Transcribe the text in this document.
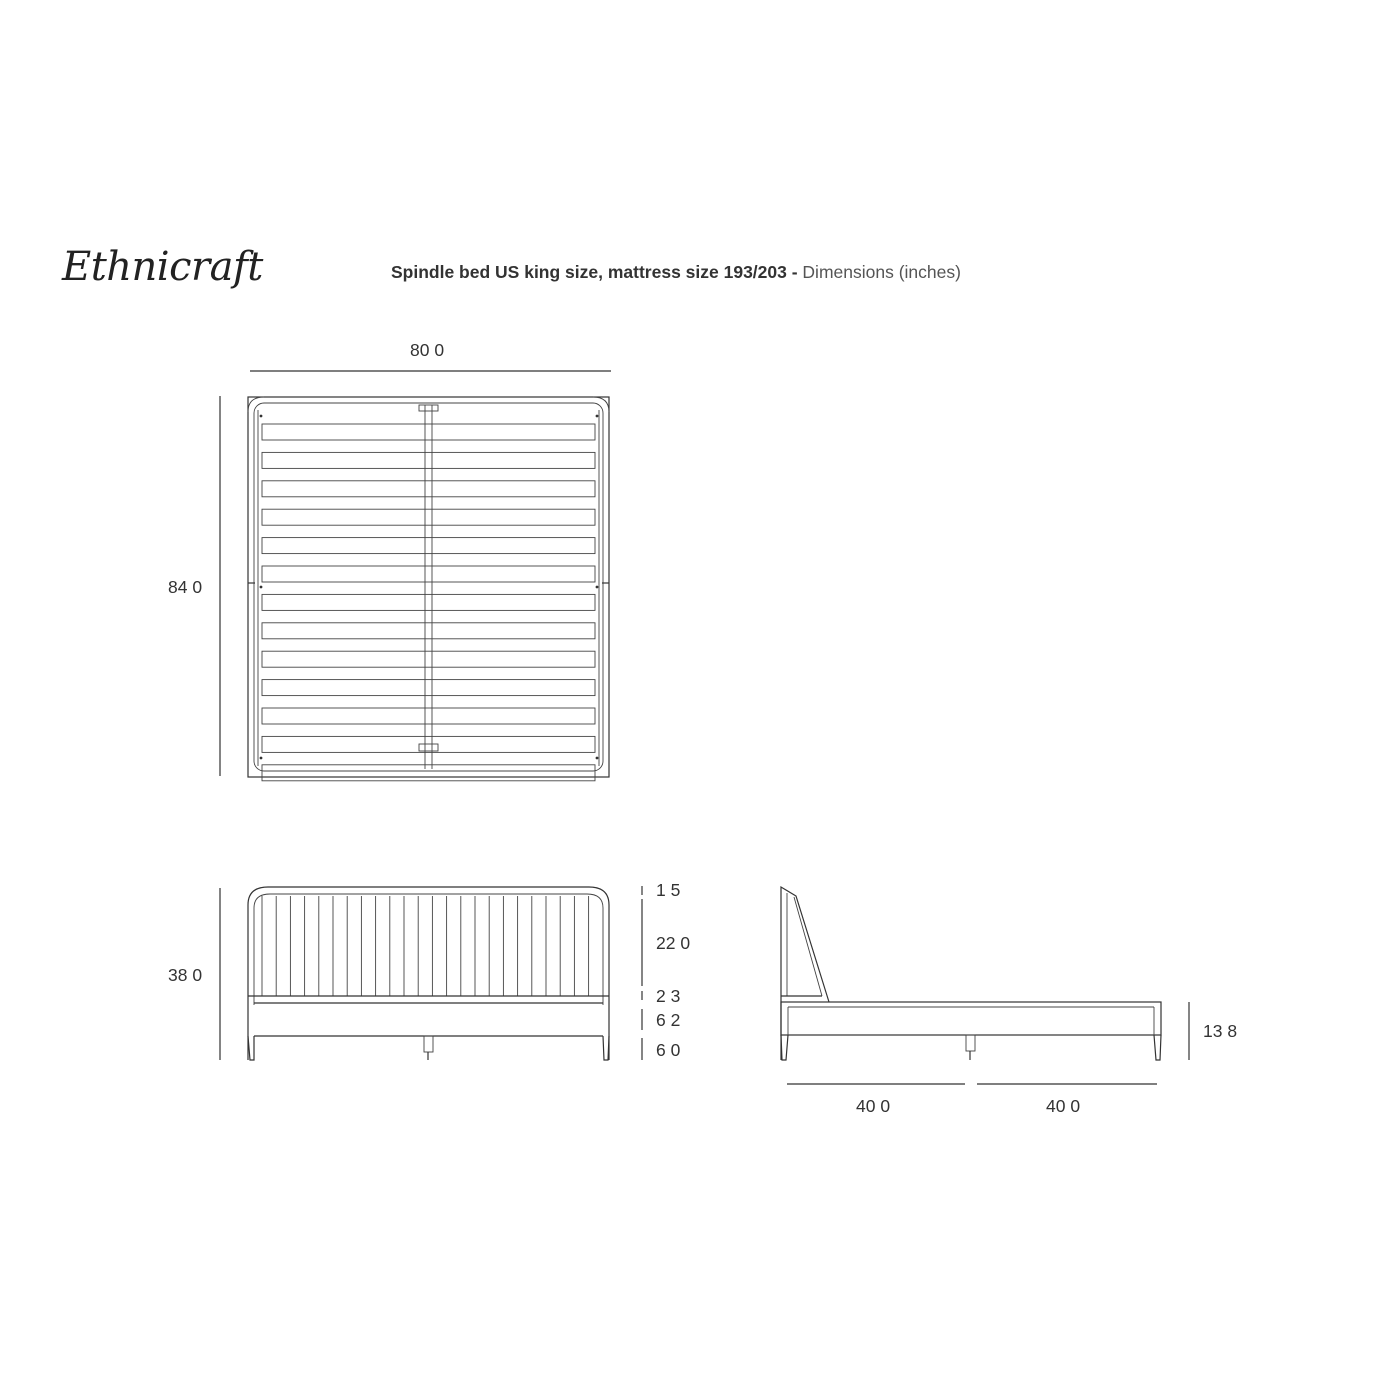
Ethnicraft	Spindle bed US king size, mattress size 193/203 - Dimensions (inches)
80 0
84 0
38 0
1 5
22 0
2 3
6 2
6 0
13 8
40 0	40 0
